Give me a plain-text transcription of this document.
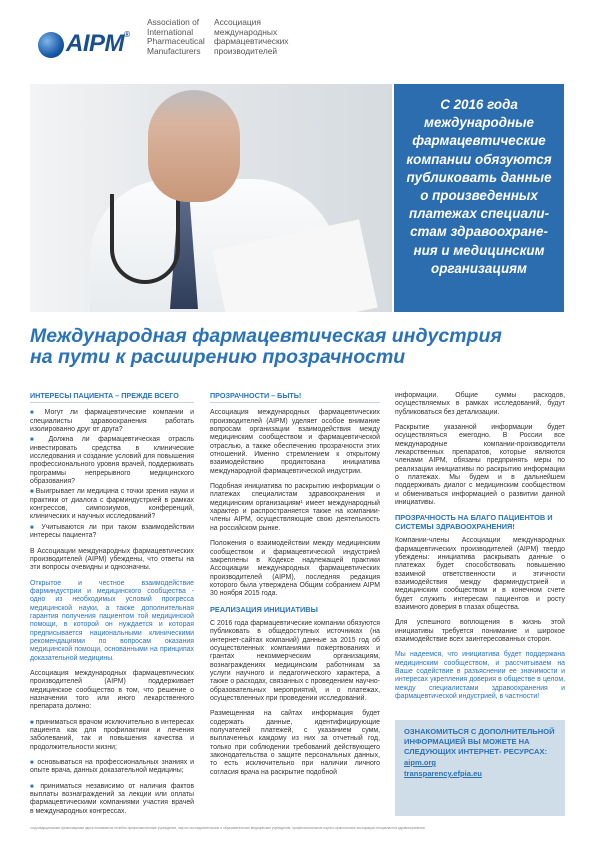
AIPM®
Association of
International
Pharmaceutical
Manufacturers
Ассоциация
международных
фармацевтических
производителей
С 2016 года международные фармацевтические компании обязуются публиковать данные о произведенных платежах специали-стам здравоохране-ния и медицинским организациям
Международная фармацевтическая индустрия
на пути к расширению прозрачности
ИНТЕРЕСЫ ПАЦИЕНТА – ПРЕЖДЕ ВСЕГО
■ Могут ли фармацевтические компании и специалисты здравоохранения работать изолированно друг от друга?
■ Должна ли фармацевтическая отрасль инвестировать средства в клинические исследования и создание условий для повышения профессионального уровня врачей, поддерживать программы непрерывного медицинского образования?
■ Выигрывает ли медицина с точки зрения науки и практики от диалога с фарминдустрией в рамках конгрессов, симпозиумов, конференций, клинических и научных исследований?
■ Учитываются ли при таком взаимодействии интересы пациента?
В Ассоциации международных фармацевтических производителей (AIPM) убеждены, что ответы на эти вопросы очевидны и однозначны.
Открытое и честное взаимодействие фарминдустрии и медицинского сообщества - одно из необходимых условий прогресса медицинской науки, а также дополнительная гарантия получения пациентом той медицинской помощи, в которой он нуждается и которая предписывается национальными клиническими рекомендациями по вопросам оказания медицинской помощи, основанными на принципах доказательной медицины.
Ассоциация международных фармацевтических производителей (AIPM) поддерживает медицинское сообщество в том, что решение о назначении того или иного лекарственного препарата должно:
■ приниматься врачом исключительно в интересах пациента как для профилактики и лечения заболеваний, так и повышения качества и продолжительности жизни;
■ основываться на профессиональных знаниях и опыте врача, данных доказательной медицины;
■ приниматься независимо от наличия фактов выплаты вознаграждений за лекции или оплаты фармацевтическими компаниями участия врачей в международных конгрессах.
ПРОЗРАЧНОСТИ – БЫТЬ!
Ассоциация международных фармацевтических производителей (AIPM) уделяет особое внимание вопросам организации взаимодействия между медицинским сообществом и фармацевтической отраслью, а также обеспечению прозрачности этих отношений. Именно стремлением к открытому взаимодействию продиктована инициатива международной фармацевтической индустрии.
Подобная инициатива по раскрытию информации о платежах специалистам здравоохранения и медицинским организациям¹ имеет международный характер и распространяется также на компании-члены AIPM, осуществляющие свою деятельность на российском рынке.
Положения о взаимодействии между медицинским сообществом и фармацевтической индустрией закреплены в Кодексе надлежащей практики Ассоциации международных фармацевтических производителей (AIPM), последняя редакция которого была утверждена Общим собранием AIPM 30 ноября 2015 года.
РЕАЛИЗАЦИЯ ИНИЦИАТИВЫ
С 2016 года фармацевтические компании обязуются публиковать в общедоступных источниках (на интернет-сайтах компаний) данные за 2015 год об осуществленных компаниями пожертвованиях и грантах некоммерческим организациям, вознаграждениях медицинским работникам за услуги научного и педагогического характера, а также о расходах, связанных с проведением научно-образовательных мероприятий, и о платежах, осуществленных при проведении исследований.
Размещенная на сайтах информация будет содержать данные, идентифицирующие получателей платежей, с указанием сумм, выплаченных каждому из них за отчетный год, только при соблюдении требований действующего законодательства о защите персональных данных, то есть исключительно при наличии личного согласия врача на раскрытие подобной
информации. Общие суммы расходов, осуществляемых в рамках исследований, будут публиковаться без детализации.
Раскрытие указанной информации будет осуществляться ежегодно. В России все международные компании-производители лекарственных препаратов, которые являются членами AIPM, обязаны предпринять меры по реализации инициативы по раскрытию информации о платежах. Мы будем и в дальнейшем поддерживать диалог с медицинским сообществом и обмениваться информацией о развитии данной инициативы.
ПРОЗРАЧНОСТЬ НА БЛАГО ПАЦИЕНТОВ И СИСТЕМЫ ЗДРАВООХРАНЕНИЯ!
Компании-члены Ассоциации международных фармацевтических производителей (AIPM) твердо убеждены: инициатива раскрывать данные о платежах будет способствовать повышению взаимной ответственности и этичности взаимодействия между фарминдустрией и медицинским сообществом и в конечном счете будет служить интересам пациентов и росту взаимного доверия в глазах общества.
Для успешного воплощения в жизнь этой инициативы требуется понимание и широкое взаимодействие всех заинтересованных сторон.
Мы надеемся, что инициатива будет поддержана медицинским сообществом, и рассчитываем на Ваше содействие в разъяснении ее значимости и интересах укрепления доверия в обществе в целом, между специалистами здравоохранения и фармацевтической индустрией, в частности!
ОЗНАКОМИТЬСЯ С ДОПОЛНИТЕЛЬНОЙ ИНФОРМАЦИЕЙ ВЫ МОЖЕТЕ НА СЛЕДУЮЩИХ ИНТЕРНЕТ- РЕСУРСАХ:
aipm.org
transparency.efpia.eu
¹под медицинскими организациями здесь понимаются лечебно-профилактические учреждения, научно-исследовательские и образовательные медицинские учреждения, профессиональные научно-практические ассоциации специалистов здравоохранения
